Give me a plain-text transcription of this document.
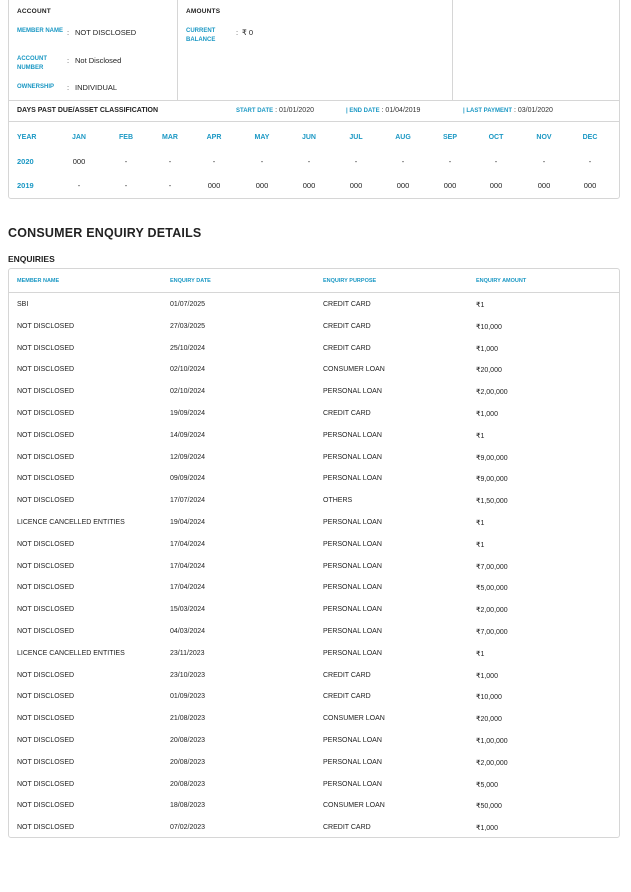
ACCOUNT
MEMBER NAME : NOT DISCLOSED
ACCOUNT NUMBER
: Not Disclosed
OWNERSHIP	: INDIVIDUAL
AMOUNTS
CURRENT BALANCE
: ₹ 0
DAYS PAST DUE/ASSET CLASSIFICATION	START DATE : 01/01/2020	| END DATE : 01/04/2019	| LAST PAYMENT : 03/01/2020
YEAR	JAN	FEB	MAR	APR	MAY	JUN	JUL	AUG	SEP	OCT	NOV	DEC
2020	000	-	-	-	-	-	-	-	-	-	-	-
2019	-	-	-	000	000	000	000	000	000	000	000	000
CONSUMER ENQUIRY DETAILS
ENQUIRIES
MEMBER NAME	ENQUIRY DATE	ENQUIRY PURPOSE	ENQUIRY AMOUNT
SBI	01/07/2025	CREDIT CARD	₹1
NOT DISCLOSED	27/03/2025	CREDIT CARD	₹10,000
NOT DISCLOSED	25/10/2024	CREDIT CARD	₹1,000
NOT DISCLOSED	02/10/2024	CONSUMER LOAN	₹20,000
NOT DISCLOSED	02/10/2024	PERSONAL LOAN	₹2,00,000
NOT DISCLOSED	19/09/2024	CREDIT CARD	₹1,000
NOT DISCLOSED	14/09/2024	PERSONAL LOAN	₹1
NOT DISCLOSED	12/09/2024	PERSONAL LOAN	₹9,00,000
NOT DISCLOSED	09/09/2024	PERSONAL LOAN	₹9,00,000
NOT DISCLOSED	17/07/2024	OTHERS	₹1,50,000
LICENCE CANCELLED ENTITIES	19/04/2024	PERSONAL LOAN	₹1
NOT DISCLOSED	17/04/2024	PERSONAL LOAN	₹1
NOT DISCLOSED	17/04/2024	PERSONAL LOAN	₹7,00,000
NOT DISCLOSED	17/04/2024	PERSONAL LOAN	₹5,00,000
NOT DISCLOSED	15/03/2024	PERSONAL LOAN	₹2,00,000
NOT DISCLOSED	04/03/2024	PERSONAL LOAN	₹7,00,000
LICENCE CANCELLED ENTITIES	23/11/2023	PERSONAL LOAN	₹1
NOT DISCLOSED	23/10/2023	CREDIT CARD	₹1,000
NOT DISCLOSED	01/09/2023	CREDIT CARD	₹10,000
NOT DISCLOSED	21/08/2023	CONSUMER LOAN	₹20,000
NOT DISCLOSED	20/08/2023	PERSONAL LOAN	₹1,00,000
NOT DISCLOSED	20/08/2023	PERSONAL LOAN	₹2,00,000
NOT DISCLOSED	20/08/2023	PERSONAL LOAN	₹5,000
NOT DISCLOSED	18/08/2023	CONSUMER LOAN	₹50,000
NOT DISCLOSED	07/02/2023	CREDIT CARD	₹1,000
